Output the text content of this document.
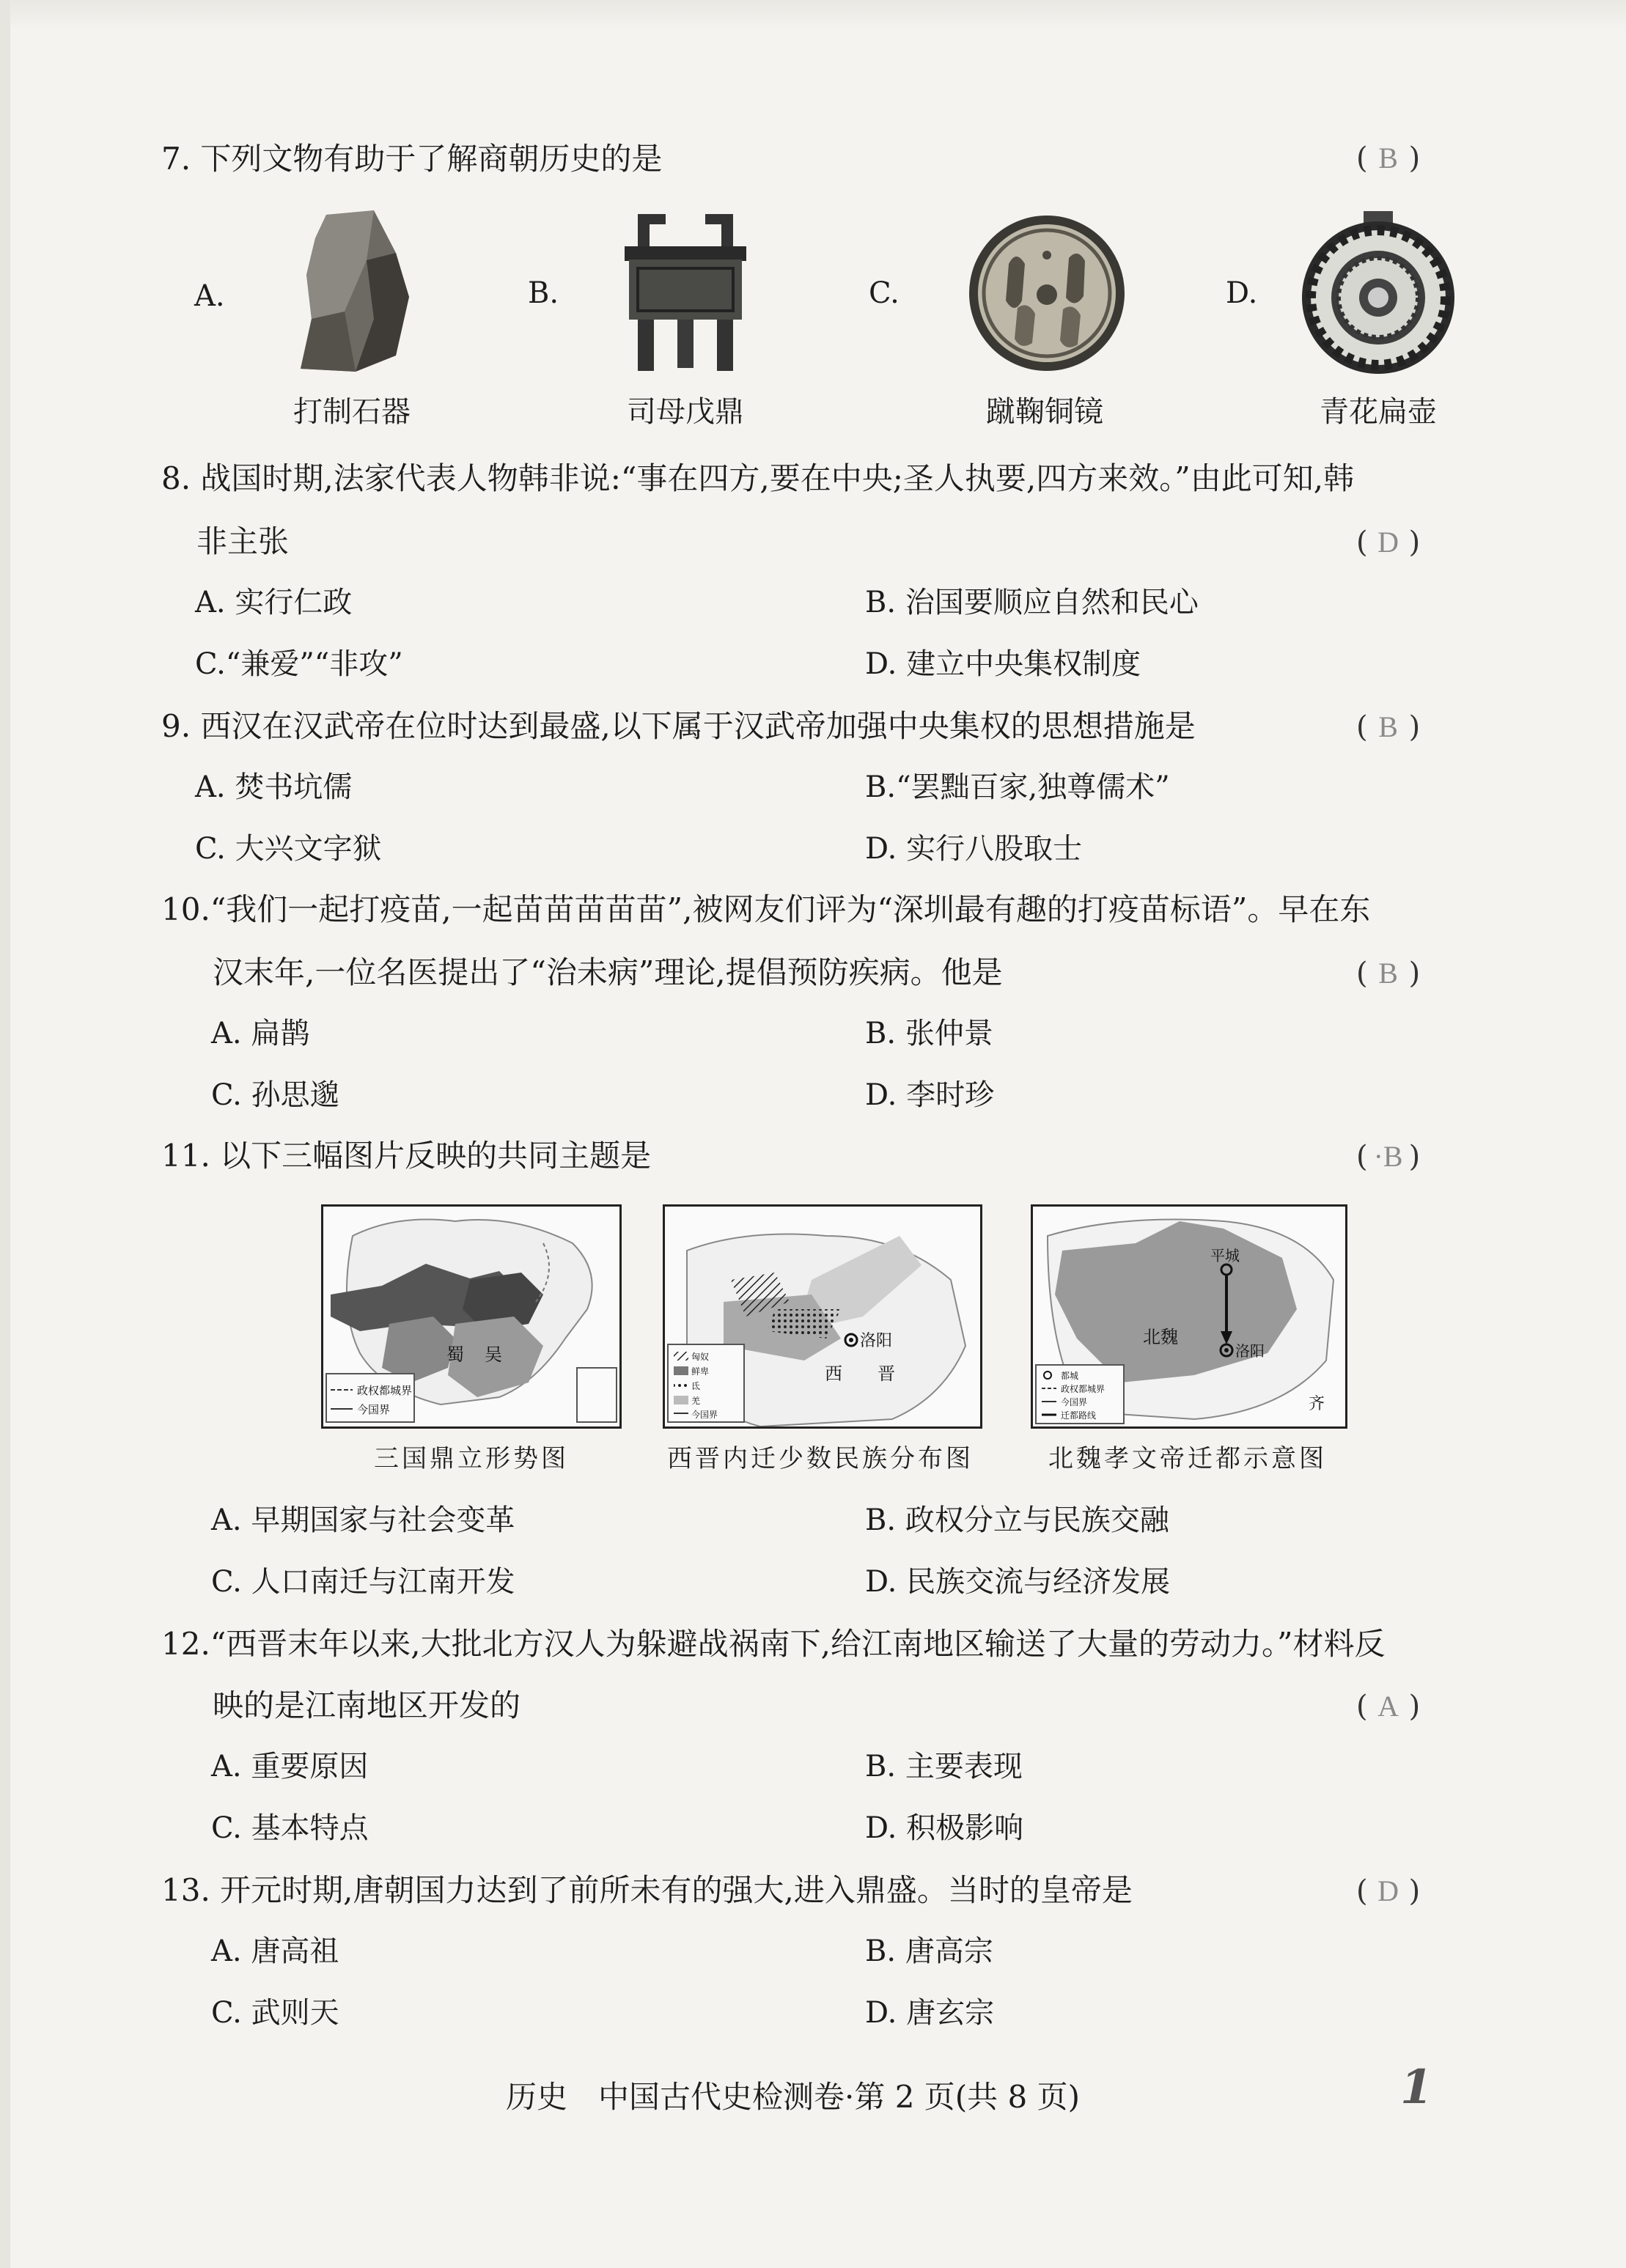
7. 下列文物有助于了解商朝历史的是	( B )
A.	B.	C.	D.
打制石器	司母戊鼎	蹴鞠铜镜	青花扁壶
8. 战国时期,法家代表人物韩非说:“事在四方,要在中央;圣人执要,四方来效。”由此可知,韩
非主张	( D )
A. 实行仁政	B. 治国要顺应自然和民心
C.“兼爱”“非攻”	D. 建立中央集权制度
9. 西汉在汉武帝在位时达到最盛,以下属于汉武帝加强中央集权的思想措施是	( B )
A. 焚书坑儒	B.“罢黜百家,独尊儒术”
C. 大兴文字狱	D. 实行八股取士
10.“我们一起打疫苗,一起苗苗苗苗苗”,被网友们评为“深圳最有趣的打疫苗标语”。早在东
汉末年,一位名医提出了“治未病”理论,提倡预防疾病。他是	( B )
A. 扁鹊	B. 张仲景
C. 孙思邈	D. 李时珍
11. 以下三幅图片反映的共同主题是	( ·B )
蜀 吴
政权都城界
今国界
匈奴
鲜卑
氐
羌
今国界
洛阳
西 晋	都城
政权都城界
今国界
迁都路线
平城
北魏
洛阳
齐
三国鼎立形势图	西晋内迁少数民族分布图	北魏孝文帝迁都示意图
A. 早期国家与社会变革	B. 政权分立与民族交融
C. 人口南迁与江南开发	D. 民族交流与经济发展
12.“西晋末年以来,大批北方汉人为躲避战祸南下,给江南地区输送了大量的劳动力。”材料反
映的是江南地区开发的	( A )
A. 重要原因	B. 主要表现
C. 基本特点	D. 积极影响
13. 开元时期,唐朝国力达到了前所未有的强大,进入鼎盛。当时的皇帝是	( D )
A. 唐高祖	B. 唐高宗
C. 武则天	D. 唐玄宗
历史　中国古代史检测卷·第 2 页(共 8 页)	1
